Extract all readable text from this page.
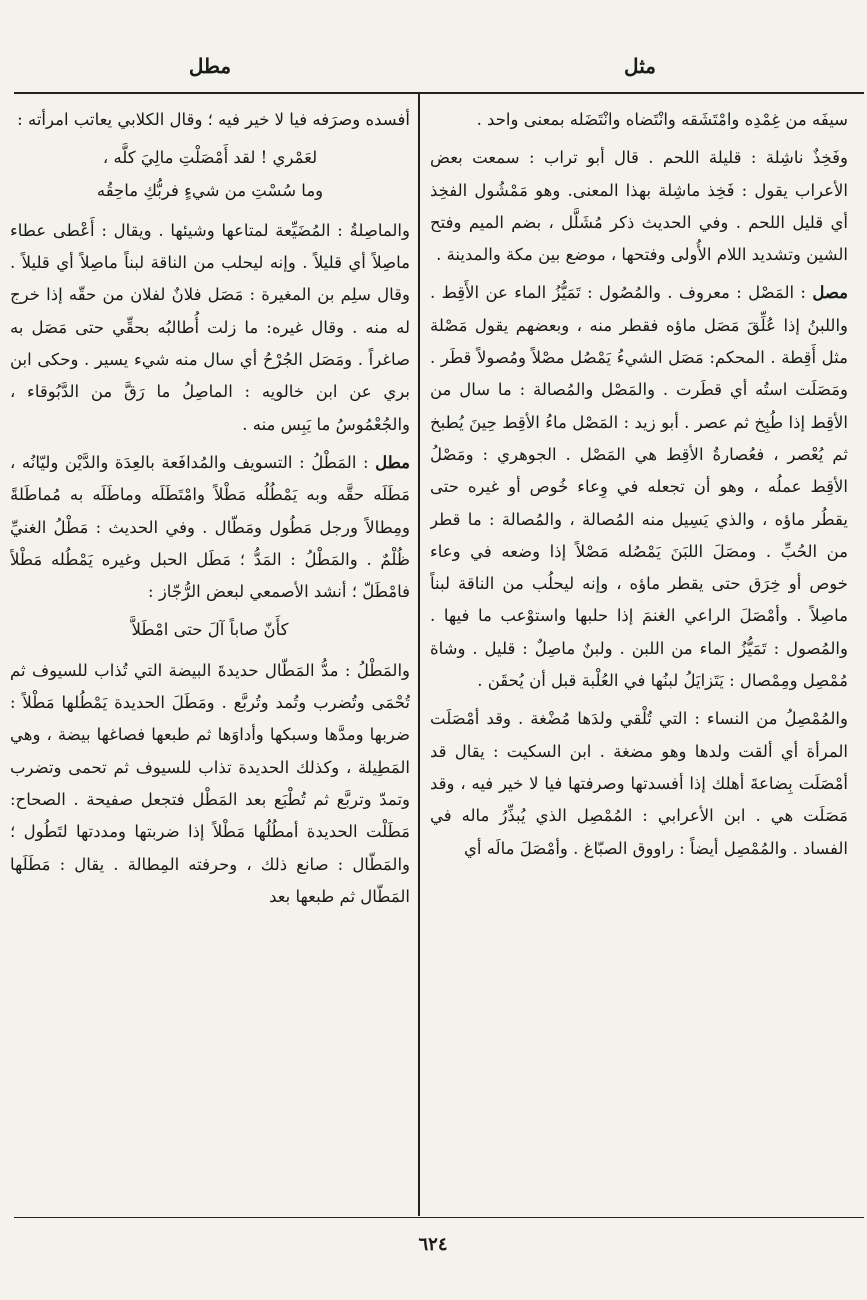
مثل
مطل

سيفَه من غِمْدِه وامْتَشَقه وانْتَضاه وانْتَضَله بمعنى واحد .

وفَخِذٌ ناشِلة : قليلة اللحم . قال أبو تراب : سمعت بعض الأعراب يقول : فَخِذ ماشِلة بهذا المعنى. وهو مَمْشُول الفخِذ أي قليل اللحم . وفي الحديث ذكر مُشَلَّل ، بضم الميم وفتح الشين وتشديد اللام الأُولى وفتحها ، موضع بين مكة والمدينة .

مصل : المَصْل : معروف . والمُصُول : تَمَيُّزُ الماء عن الأَقِط . واللبنُ إذا عُلِّقَ مَصَل ماؤه فقطر منه ، وبعضهم يقول مَصْلة مثل أَقِطة . المحكم: مَصَل الشيءُ يَمْصُل مصْلاً ومُصولاً قطَر . ومَصَلَت استُه أي قطَرت . والمَصْل والمُصالة : ما سال من الأقِط إذا طُبِخ ثم عصر . أبو زيد : المَصْل ماءُ الأقِط حِينَ يُطبخ ثم يُعْصر ، فعُصارةُ الأقِط هي المَصْل . الجوهري : ومَصْلُ الأقِط عملُه ، وهو أن تجعله في وِعاء خُوص أو غيره حتى يقطُر ماؤه ، والذي يَسِيل منه المُصالة ، والمُصالة : ما قطر من الحُبِّ . ومصَلَ اللبَنَ يَمْصُله مَصْلاً إذا وضعه في وعاء خوص أو خِرَق حتى يقطر ماؤه ، وإنه ليحلُب من الناقة لبناً ماصِلاً . وأمْصَلَ الراعي الغنمَ إذا حلبها واستوْعب ما فيها . والمُصول : تَمَيُّزُ الماء من اللبن . ولبنٌ ماصِلٌ : قليل . وشاة مُمْصِل ومِمْصال : يَتَزايَلُ لبنُها في العُلْبة قبل أن يُحقَن .

والمُمْصِلُ من النساء : التي تُلْقي ولدَها مُضْغة . وقد أمْصَلَت المرأة أي ألقت ولدها وهو مضغة . ابن السكيت : يقال قد أمْصَلَت بِضاعةَ أهلك إذا أفسدتها وصرفتها فيا لا خير فيه ، وقد مَصَلَت هي . ابن الأعرابي : المُمْصِل الذي يُبذِّرُ ماله في الفساد . والمُمْصِل أيضاً : راووق الصبّاغ . وأمْصَلَ مالَه أي

أفسده وصرَفه فيا لا خير فيه ؛ وقال الكلابي يعاتب امرأته :

لعَمْري ! لقد أَمْصَلْتِ مالِيَ كلَّه ،
وما سُسْتِ من شيءٍ فربُّكِ ماحِقُه

والماصِلةُ : المُضَيِّعة لمتاعها وشيئها . ويقال : أَعْطى عطاء ماصِلاً أي قليلاً . وإنه ليحلب من الناقة لبناً ماصِلاً أي قليلاً . وقال سلِم بن المغيرة : مَصَل فلانٌ لفلان من حقّه إذا خرج له منه . وقال غيره: ما زلت أُطالبُه بحقِّي حتى مَصَل به صاغراً . ومَصَل الجُرْحُ أي سال منه شيء يسير . وحكى ابن بري عن ابن خالويه : الماصِلُ ما رَقَّ من الدَّبُوقاء ، والجُعْمُوسُ ما يَبِس منه .

مطل : المَطْلُ : التسويف والمُدافَعة بالعِدَة والدَّيْن وليّانُه ، مَطَلَه حقَّه وبه يَمْطُلُه مَطْلاً وامْتَطَلَه وماطَلَه به مُماطَلةً ومِطالاً ورجل مَطُول ومَطّال . وفي الحديث : مَطْلُ الغنيِّ ظُلْمٌ . والمَطْلُ : المَدُّ ؛ مَطَل الحبل وغيره يَمْطُله مَطْلاً فامْطَلّ ؛ أنشد الأصمعي لبعض الرُّجّاز :

كأَنّ صاباً آلَ حتى امْطَلاَّ

والمَطْلُ : مدُّ المَطّال حديدةَ البيضة التي تُذاب للسيوف ثم تُحْمَى وتُضرب وتُمد وتُربَّع . ومَطَلَ الحديدة يَمْطُلها مَطْلاً : ضربها ومدَّها وسبكها وأداوَها ثم طبعها فصاغها بيضة ، وهي المَطِيلة ، وكذلك الحديدة تذاب للسيوف ثم تحمى وتضرب وتمدّ وتربَّع ثم تُطْبَع بعد المَطْل فتجعل صفيحة . الصحاح: مَطَلْت الحديدة أمطُلُها مَطْلاً إذا ضربتها ومددتها لتَطُول ؛ والمَطّال : صانع ذلك ، وحرفته المِطالة . يقال : مَطَلَها المَطّال ثم طبعها بعد

٦٢٤
